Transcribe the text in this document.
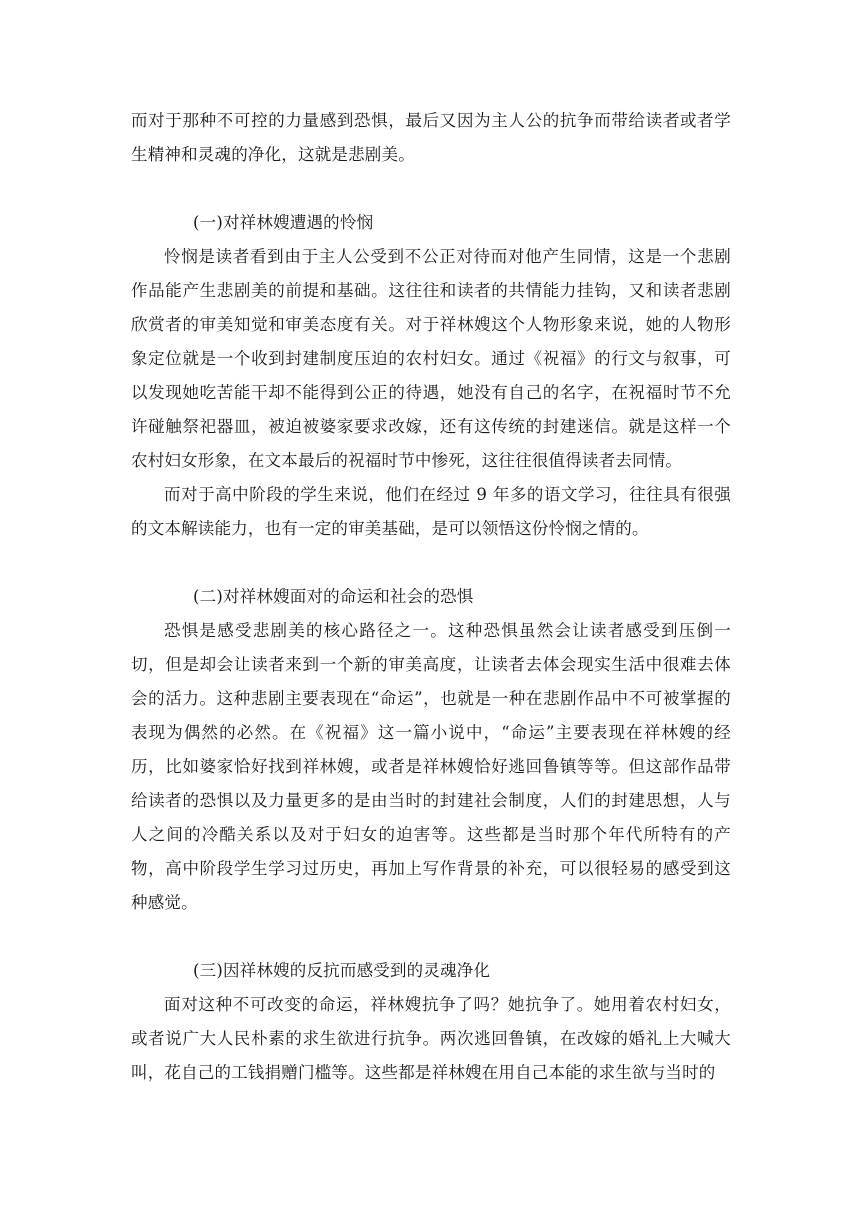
而对于那种不可控的力量感到恐惧，最后又因为主人公的抗争而带给读者或者学生精神和灵魂的净化，这就是悲剧美。

(一)对祥林嫂遭遇的怜悯

怜悯是读者看到由于主人公受到不公正对待而对他产生同情，这是一个悲剧作品能产生悲剧美的前提和基础。这往往和读者的共情能力挂钩，又和读者悲剧欣赏者的审美知觉和审美态度有关。对于祥林嫂这个人物形象来说，她的人物形象定位就是一个收到封建制度压迫的农村妇女。通过《祝福》的行文与叙事，可以发现她吃苦能干却不能得到公正的待遇，她没有自己的名字，在祝福时节不允许碰触祭祀器皿，被迫被婆家要求改嫁，还有这传统的封建迷信。就是这样一个农村妇女形象，在文本最后的祝福时节中惨死，这往往很值得读者去同情。

而对于高中阶段的学生来说，他们在经过 9 年多的语文学习，往往具有很强的文本解读能力，也有一定的审美基础，是可以领悟这份怜悯之情的。

(二)对祥林嫂面对的命运和社会的恐惧

恐惧是感受悲剧美的核心路径之一。这种恐惧虽然会让读者感受到压倒一切，但是却会让读者来到一个新的审美高度，让读者去体会现实生活中很难去体会的活力。这种悲剧主要表现在“命运”，也就是一种在悲剧作品中不可被掌握的表现为偶然的必然。在《祝福》这一篇小说中，“命运”主要表现在祥林嫂的经历，比如婆家恰好找到祥林嫂，或者是祥林嫂恰好逃回鲁镇等等。但这部作品带给读者的恐惧以及力量更多的是由当时的封建社会制度，人们的封建思想，人与人之间的冷酷关系以及对于妇女的迫害等。这些都是当时那个年代所特有的产物，高中阶段学生学习过历史，再加上写作背景的补充，可以很轻易的感受到这种感觉。

(三)因祥林嫂的反抗而感受到的灵魂净化

面对这种不可改变的命运，祥林嫂抗争了吗？她抗争了。她用着农村妇女，或者说广大人民朴素的求生欲进行抗争。两次逃回鲁镇，在改嫁的婚礼上大喊大叫，花自己的工钱捐赠门槛等。这些都是祥林嫂在用自己本能的求生欲与当时的
